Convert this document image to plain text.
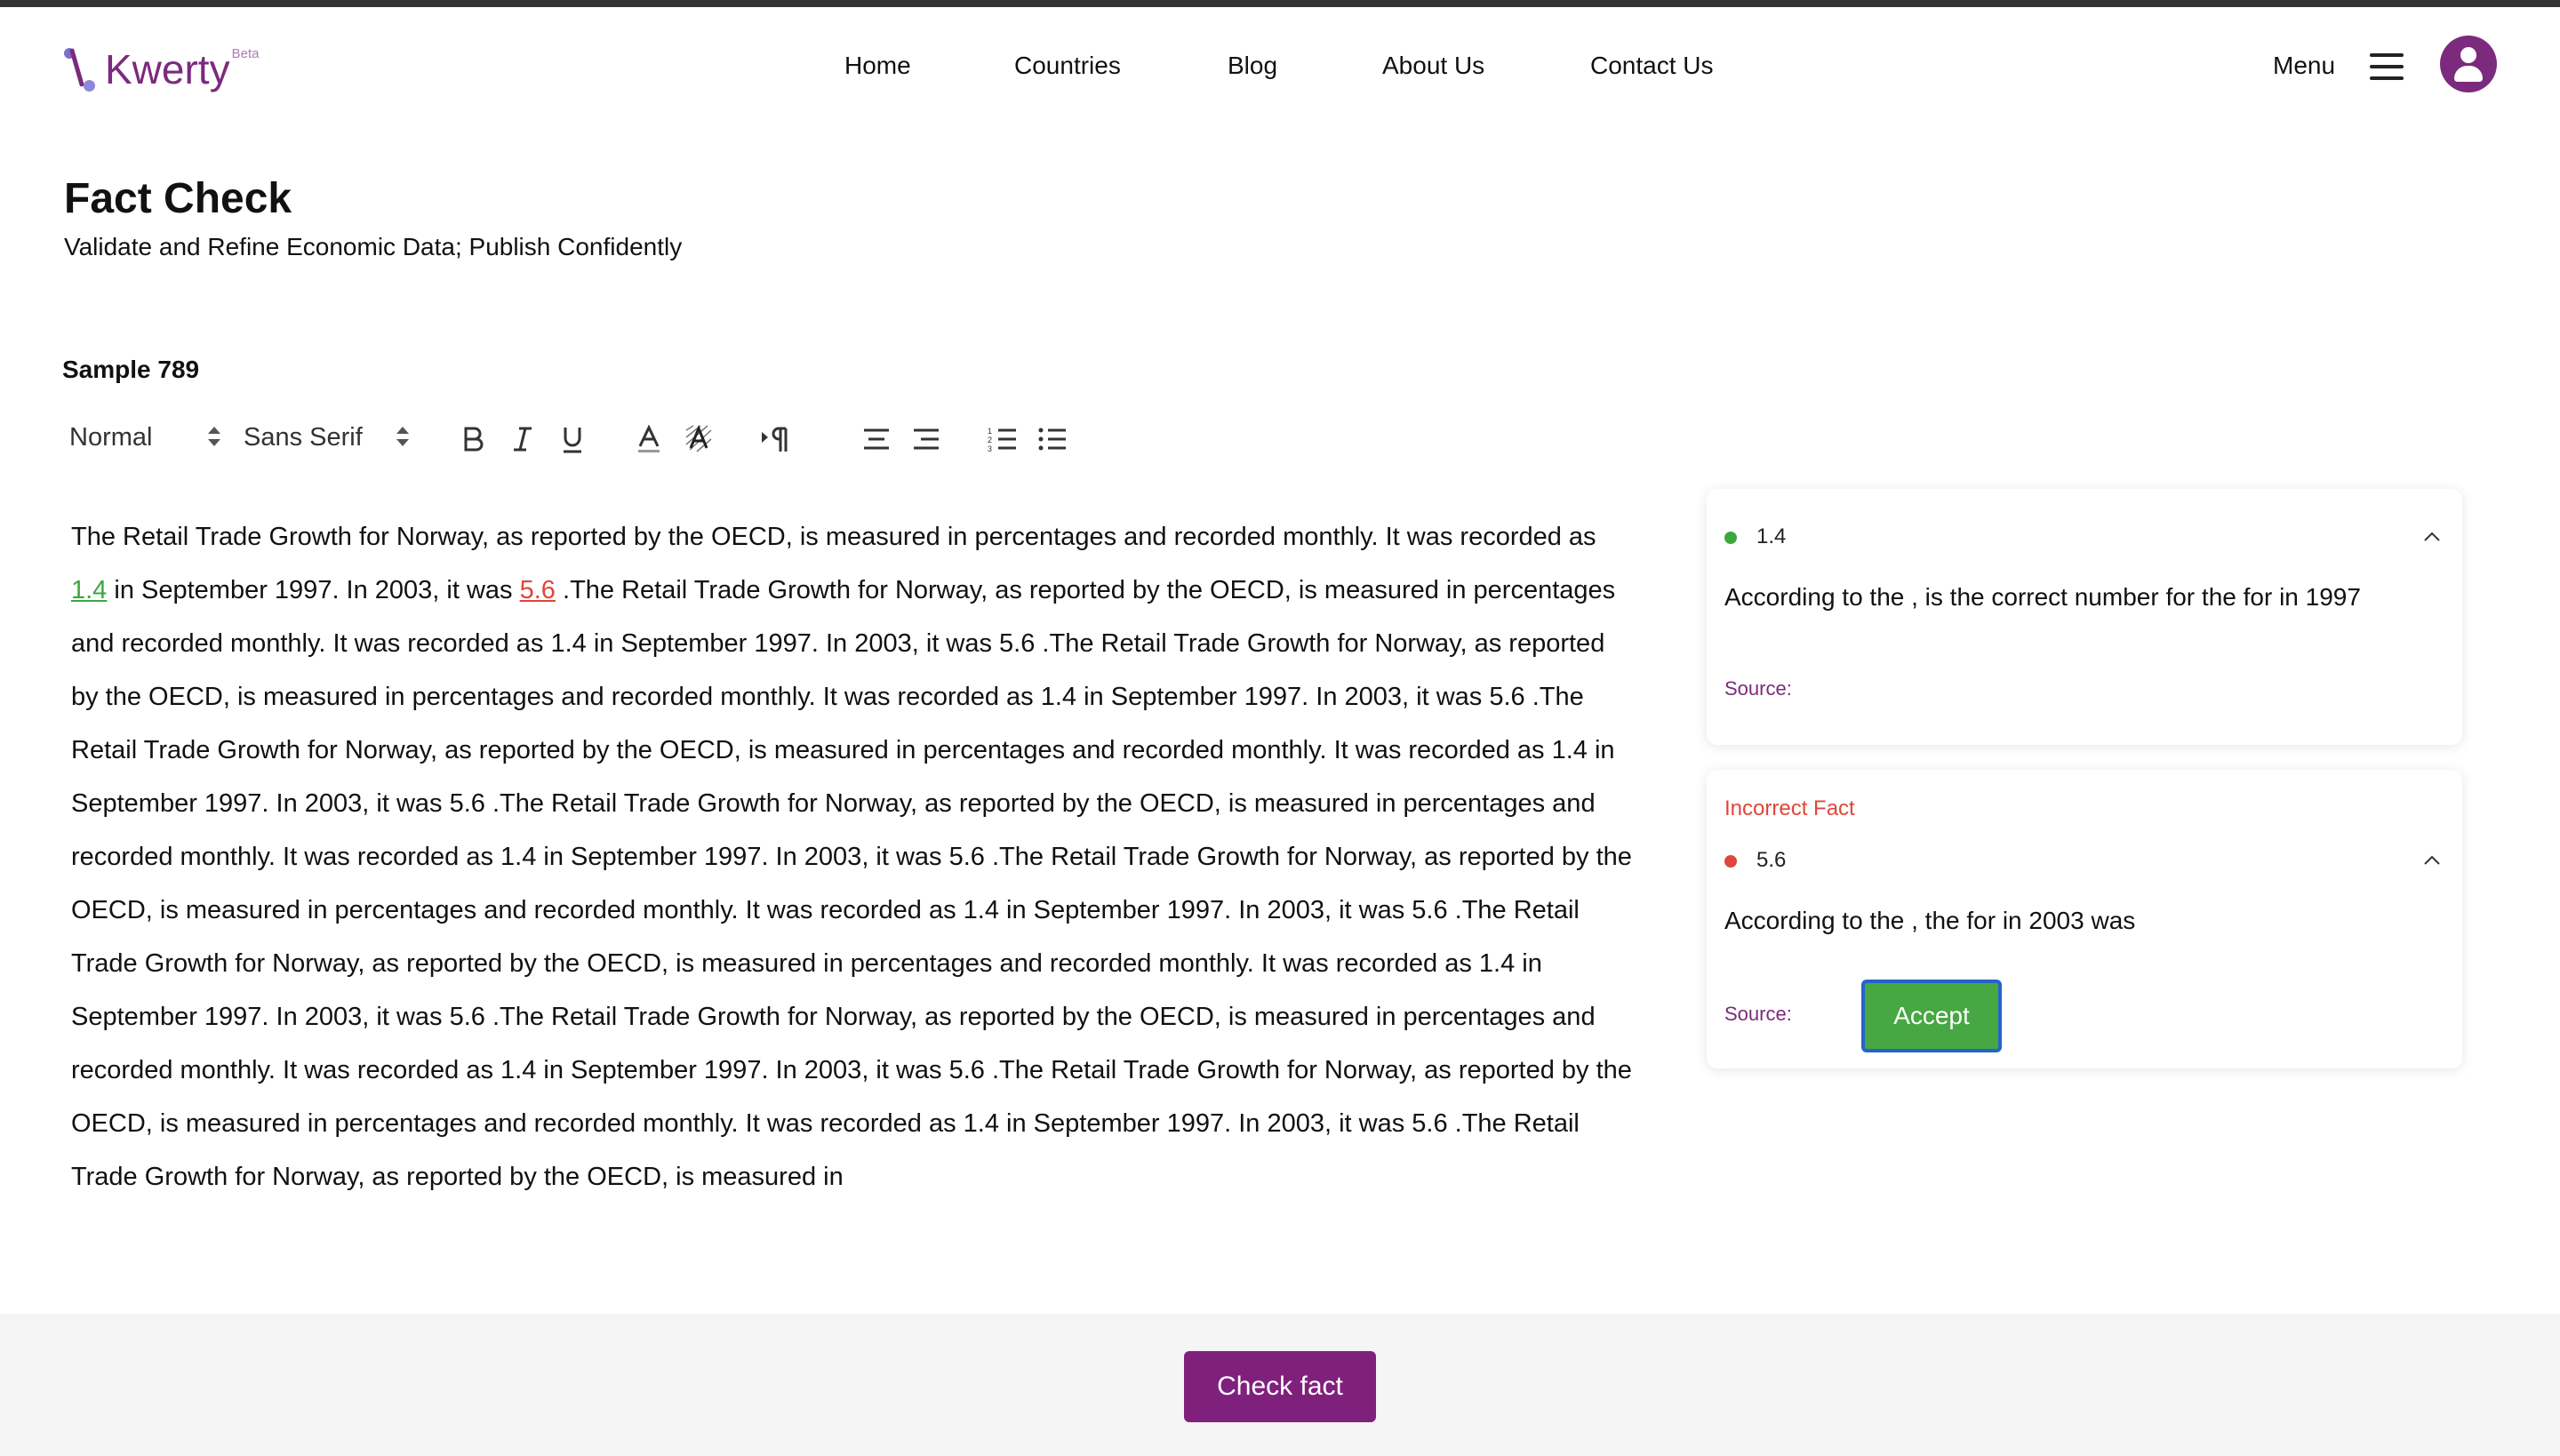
Kwerty Beta	Home	Countries	Blog	About Us	Contact Us	Menu
Fact Check

Validate and Refine Economic Data; Publish Confidently

Sample 789
Normal	Sans Serif	1
2
3
The Retail Trade Growth for Norway, as reported by the OECD, is measured in percentages and recorded monthly. It was recorded as 1.4 in September 1997. In 2003, it was 5.6 .The Retail Trade Growth for Norway, as reported by the OECD, is measured in percentages and recorded monthly. It was recorded as 1.4 in September 1997. In 2003, it was 5.6 .The Retail Trade Growth for Norway, as reported by the OECD, is measured in percentages and recorded monthly. It was recorded as 1.4 in September 1997. In 2003, it was 5.6 .The Retail Trade Growth for Norway, as reported by the OECD, is measured in percentages and recorded monthly. It was recorded as 1.4 in September 1997. In 2003, it was 5.6 .The Retail Trade Growth for Norway, as reported by the OECD, is measured in percentages and recorded monthly. It was recorded as 1.4 in September 1997. In 2003, it was 5.6 .The Retail Trade Growth for Norway, as reported by the OECD, is measured in percentages and recorded monthly. It was recorded as 1.4 in September 1997. In 2003, it was 5.6 .The Retail Trade Growth for Norway, as reported by the OECD, is measured in percentages and recorded monthly. It was recorded as 1.4 in September 1997. In 2003, it was 5.6 .The Retail Trade Growth for Norway, as reported by the OECD, is measured in percentages and recorded monthly. It was recorded as 1.4 in September 1997. In 2003, it was 5.6 .The Retail Trade Growth for Norway, as reported by the OECD, is measured in percentages and recorded monthly. It was recorded as 1.4 in September 1997. In 2003, it was 5.6 .The Retail Trade Growth for Norway, as reported by the OECD, is measured in
1.4
According to the , is the correct number for the for in 1997
Source:
Incorrect Fact
5.6
According to the , the for in 2003 was
Source:	Accept
Check fact
